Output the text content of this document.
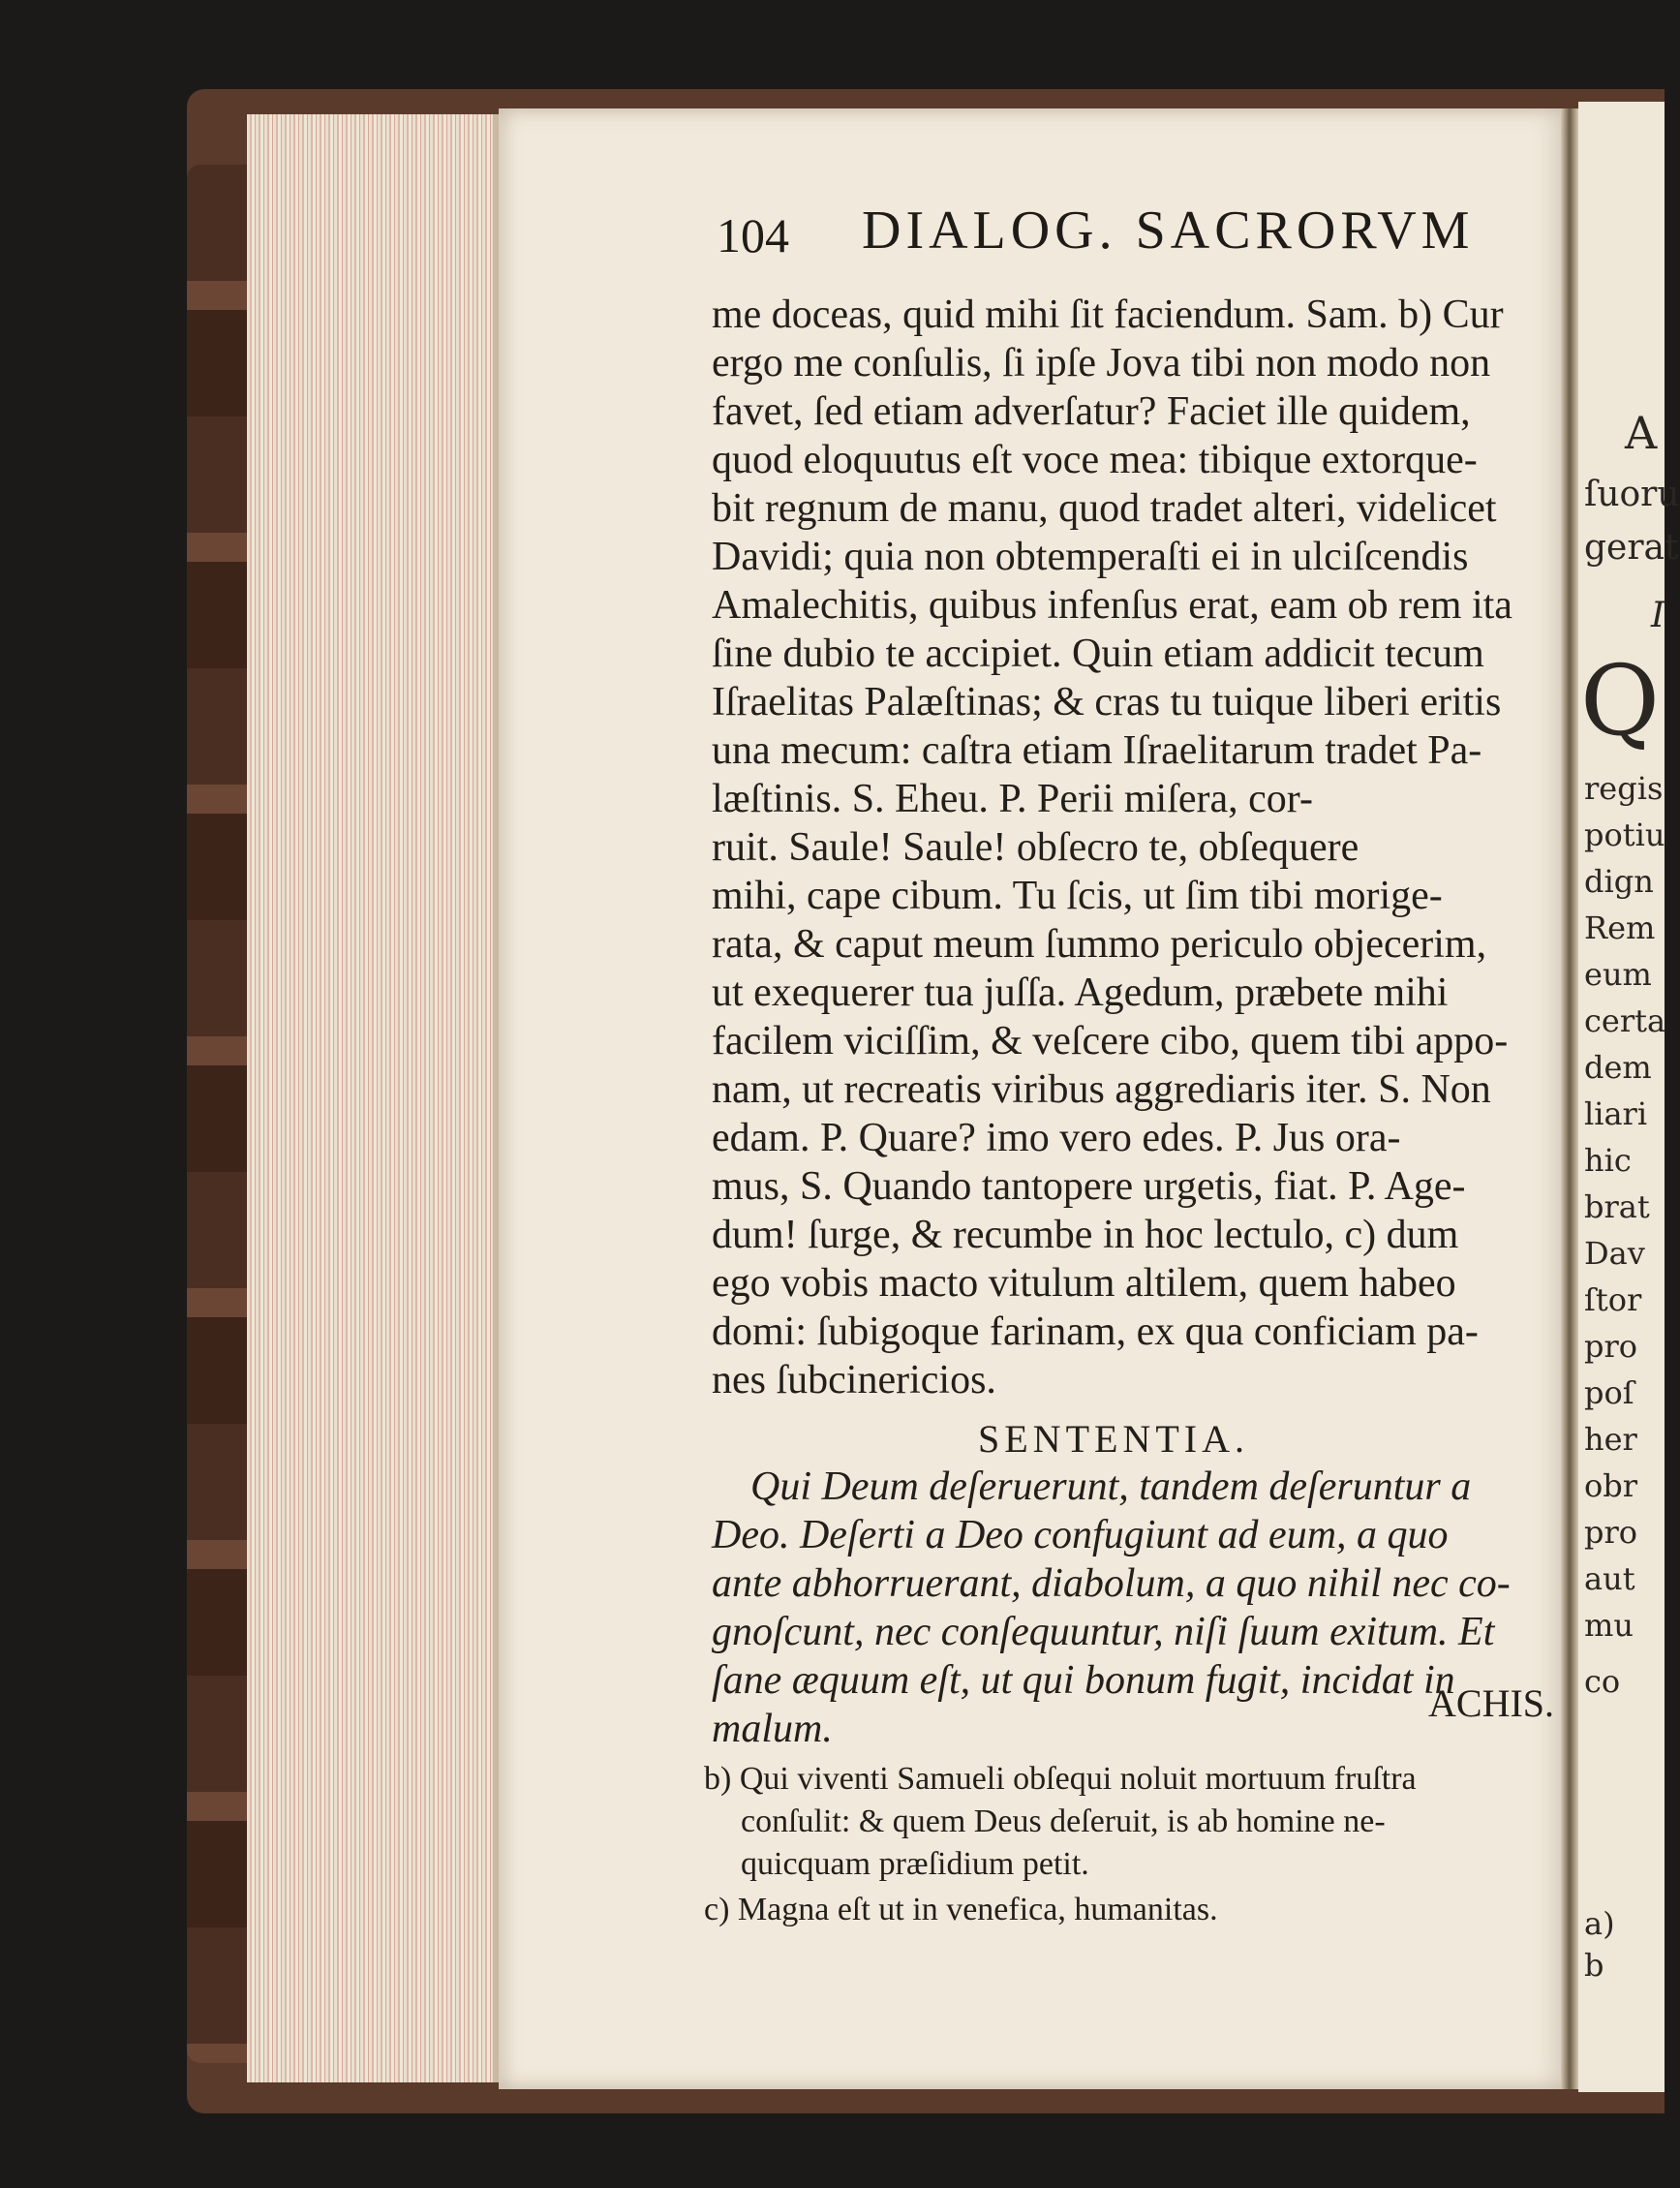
A
ſuoru
gerat
I
Q
regis
potiu
dign
Rem
eum
certa
dem
liari
hic
brat
Dav
ſtor
pro
poſ
her
obr
pro
aut
mu
co
a)
b
104 DIALOG. SACRORVM
me doceas, quid mihi ſit faciendum. Sam. b) Cur
ergo me conſulis, ſi ipſe Jova tibi non modo non
favet, ſed etiam adverſatur? Faciet ille quidem,
quod eloquutus eſt voce mea: tibique extorque-
bit regnum de manu, quod tradet alteri, videlicet
Davidi; quia non obtemperaſti ei in ulciſcendis
Amalechitis, quibus infenſus erat, eam ob rem ita
ſine dubio te accipiet. Quin etiam addicit tecum
Iſraelitas Palæſtinas; & cras tu tuique liberi eritis
una mecum: caſtra etiam Iſraelitarum tradet Pa-
læſtinis. S. Eheu. P. Perii miſera, cor-
ruit. Saule! Saule! obſecro te, obſequere
mihi, cape cibum. Tu ſcis, ut ſim tibi morige-
rata, & caput meum ſummo periculo objecerim,
ut exequerer tua juſſa. Agedum, præbete mihi
facilem viciſſim, & veſcere cibo, quem tibi appo-
nam, ut recreatis viribus aggrediaris iter. S. Non
edam. P. Quare? imo vero edes. P. Jus ora-
mus, S. Quando tantopere urgetis, fiat. P. Age-
dum! ſurge, & recumbe in hoc lectulo, c) dum
ego vobis macto vitulum altilem, quem habeo
domi: ſubigoque farinam, ex qua conficiam pa-
nes ſubcinericios.
SENTENTIA.
Qui Deum deſeruerunt, tandem deſeruntur a
Deo. Deſerti a Deo confugiunt ad eum, a quo
ante abhorruerant, diabolum, a quo nihil nec co-
gnoſcunt, nec conſequuntur, niſi ſuum exitum. Et
ſane æquum eſt, ut qui bonum fugit, incidat in
malum.
ACHIS.
b) Qui viventi Samueli obſequi noluit mortuum fruſtra
conſulit: & quem Deus deſeruit, is ab homine ne-
quicquam præſidium petit.
c) Magna eſt ut in venefica, humanitas.
